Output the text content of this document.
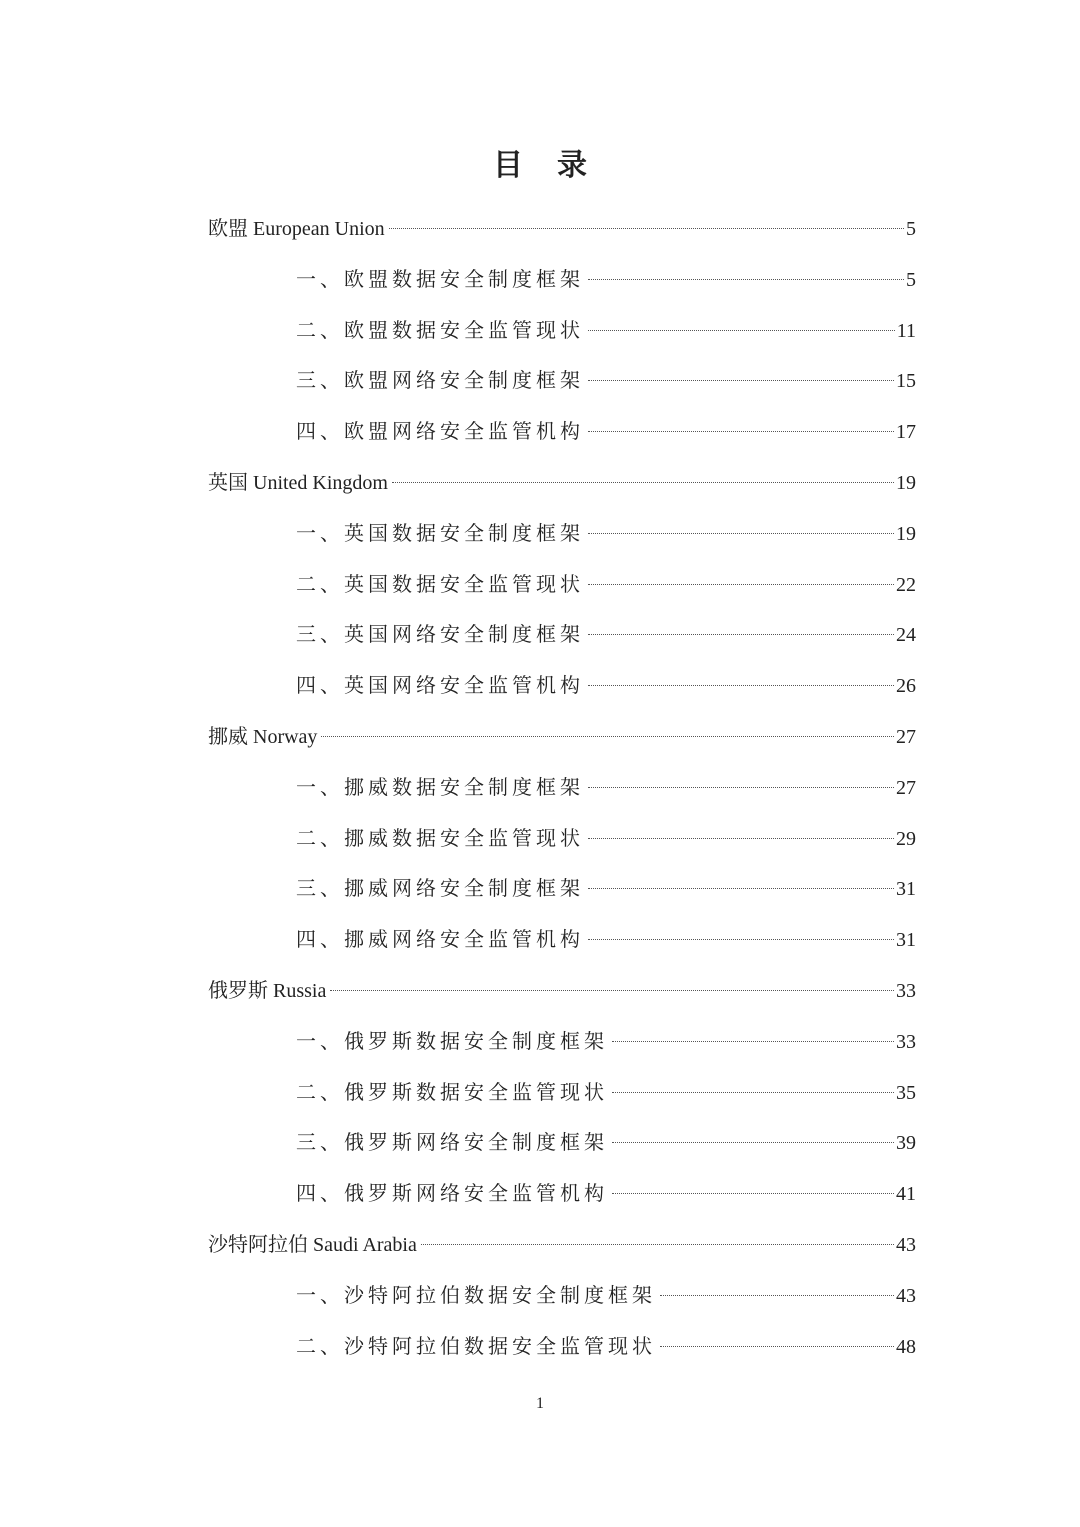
目 录
欧盟 European Union	5
一、欧盟数据安全制度框架	5
二、欧盟数据安全监管现状	11
三、欧盟网络安全制度框架	15
四、欧盟网络安全监管机构	17
英国 United Kingdom	19
一、英国数据安全制度框架	19
二、英国数据安全监管现状	22
三、英国网络安全制度框架	24
四、英国网络安全监管机构	26
挪威 Norway	27
一、挪威数据安全制度框架	27
二、挪威数据安全监管现状	29
三、挪威网络安全制度框架	31
四、挪威网络安全监管机构	31
俄罗斯 Russia	33
一、俄罗斯数据安全制度框架	33
二、俄罗斯数据安全监管现状	35
三、俄罗斯网络安全制度框架	39
四、俄罗斯网络安全监管机构	41
沙特阿拉伯 Saudi Arabia	43
一、沙特阿拉伯数据安全制度框架	43
二、沙特阿拉伯数据安全监管现状	48
1
